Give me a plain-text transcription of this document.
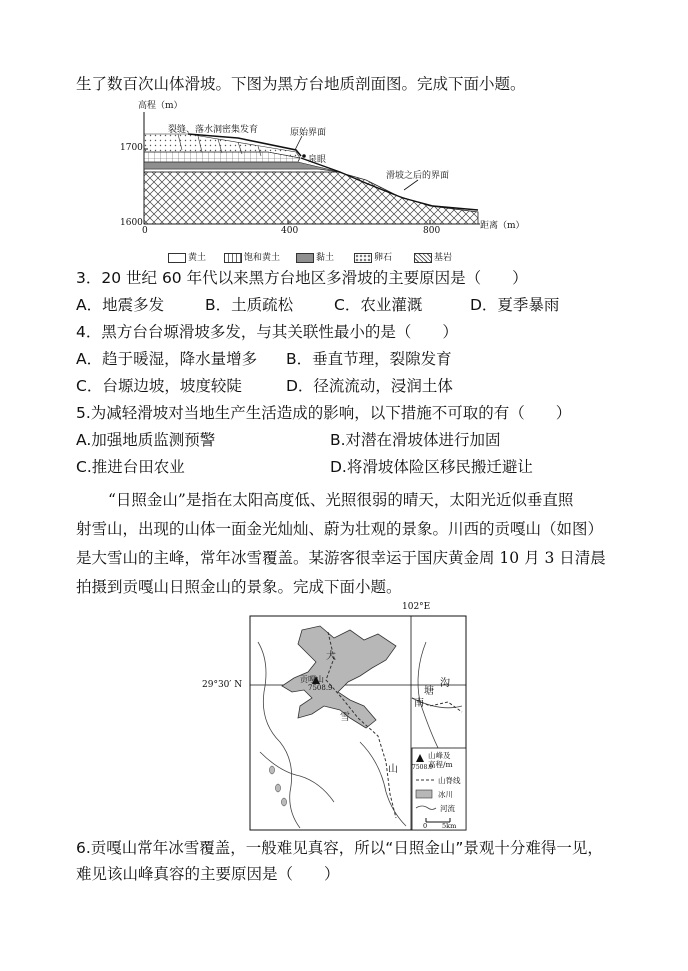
生了数百次山体滑坡。下图为黑方台地质剖面图。完成下面小题。
高程（m）
1700
1600
0	400	800	距离（m）
裂缝、落水洞密集发育	原始界面
泉眼
滑坡之后的界面
黄土	饱和黄土	黏土	卵石	基岩
3．20 世纪 60 年代以来黑方台地区多滑坡的主要原因是（　　）
A．地震多发	B．土质疏松	C．农业灌溉	D．夏季暴雨
4．黑方台台塬滑坡多发，与其关联性最小的是（　　）
A．趋于暖湿，降水量增多 B．垂直节理，裂隙发育
C．台塬边坡，坡度较陡	D．径流流动，浸润土体
5.为减轻滑坡对当地生产生活造成的影响，以下措施不可取的有（　　）
A.加强地质监测预警	B.对潜在滑坡体进行加固
C.推进台田农业	D.将滑坡体险区移民搬迁避让
“日照金山”是指在太阳高度低、光照很弱的晴天，太阳光近似垂直照
射雪山，出现的山体一面金光灿灿、蔚为壮观的景象。川西的贡嘎山（如图）
是大雪山的主峰，常年冰雪覆盖。某游客很幸运于国庆黄金周 10 月 3 日清晨
拍摄到贡嘎山日照金山的景象。完成下面小题。
102°E
29°30′ N
贡嘎山
7508.9
大
雪
山
沟
塘
南
山峰及
高程/m
7508.9
山脊线
冰川
河流
0 5km
6.贡嘎山常年冰雪覆盖，一般难见真容，所以“日照金山”景观十分难得一见，
难见该山峰真容的主要原因是（　　）
